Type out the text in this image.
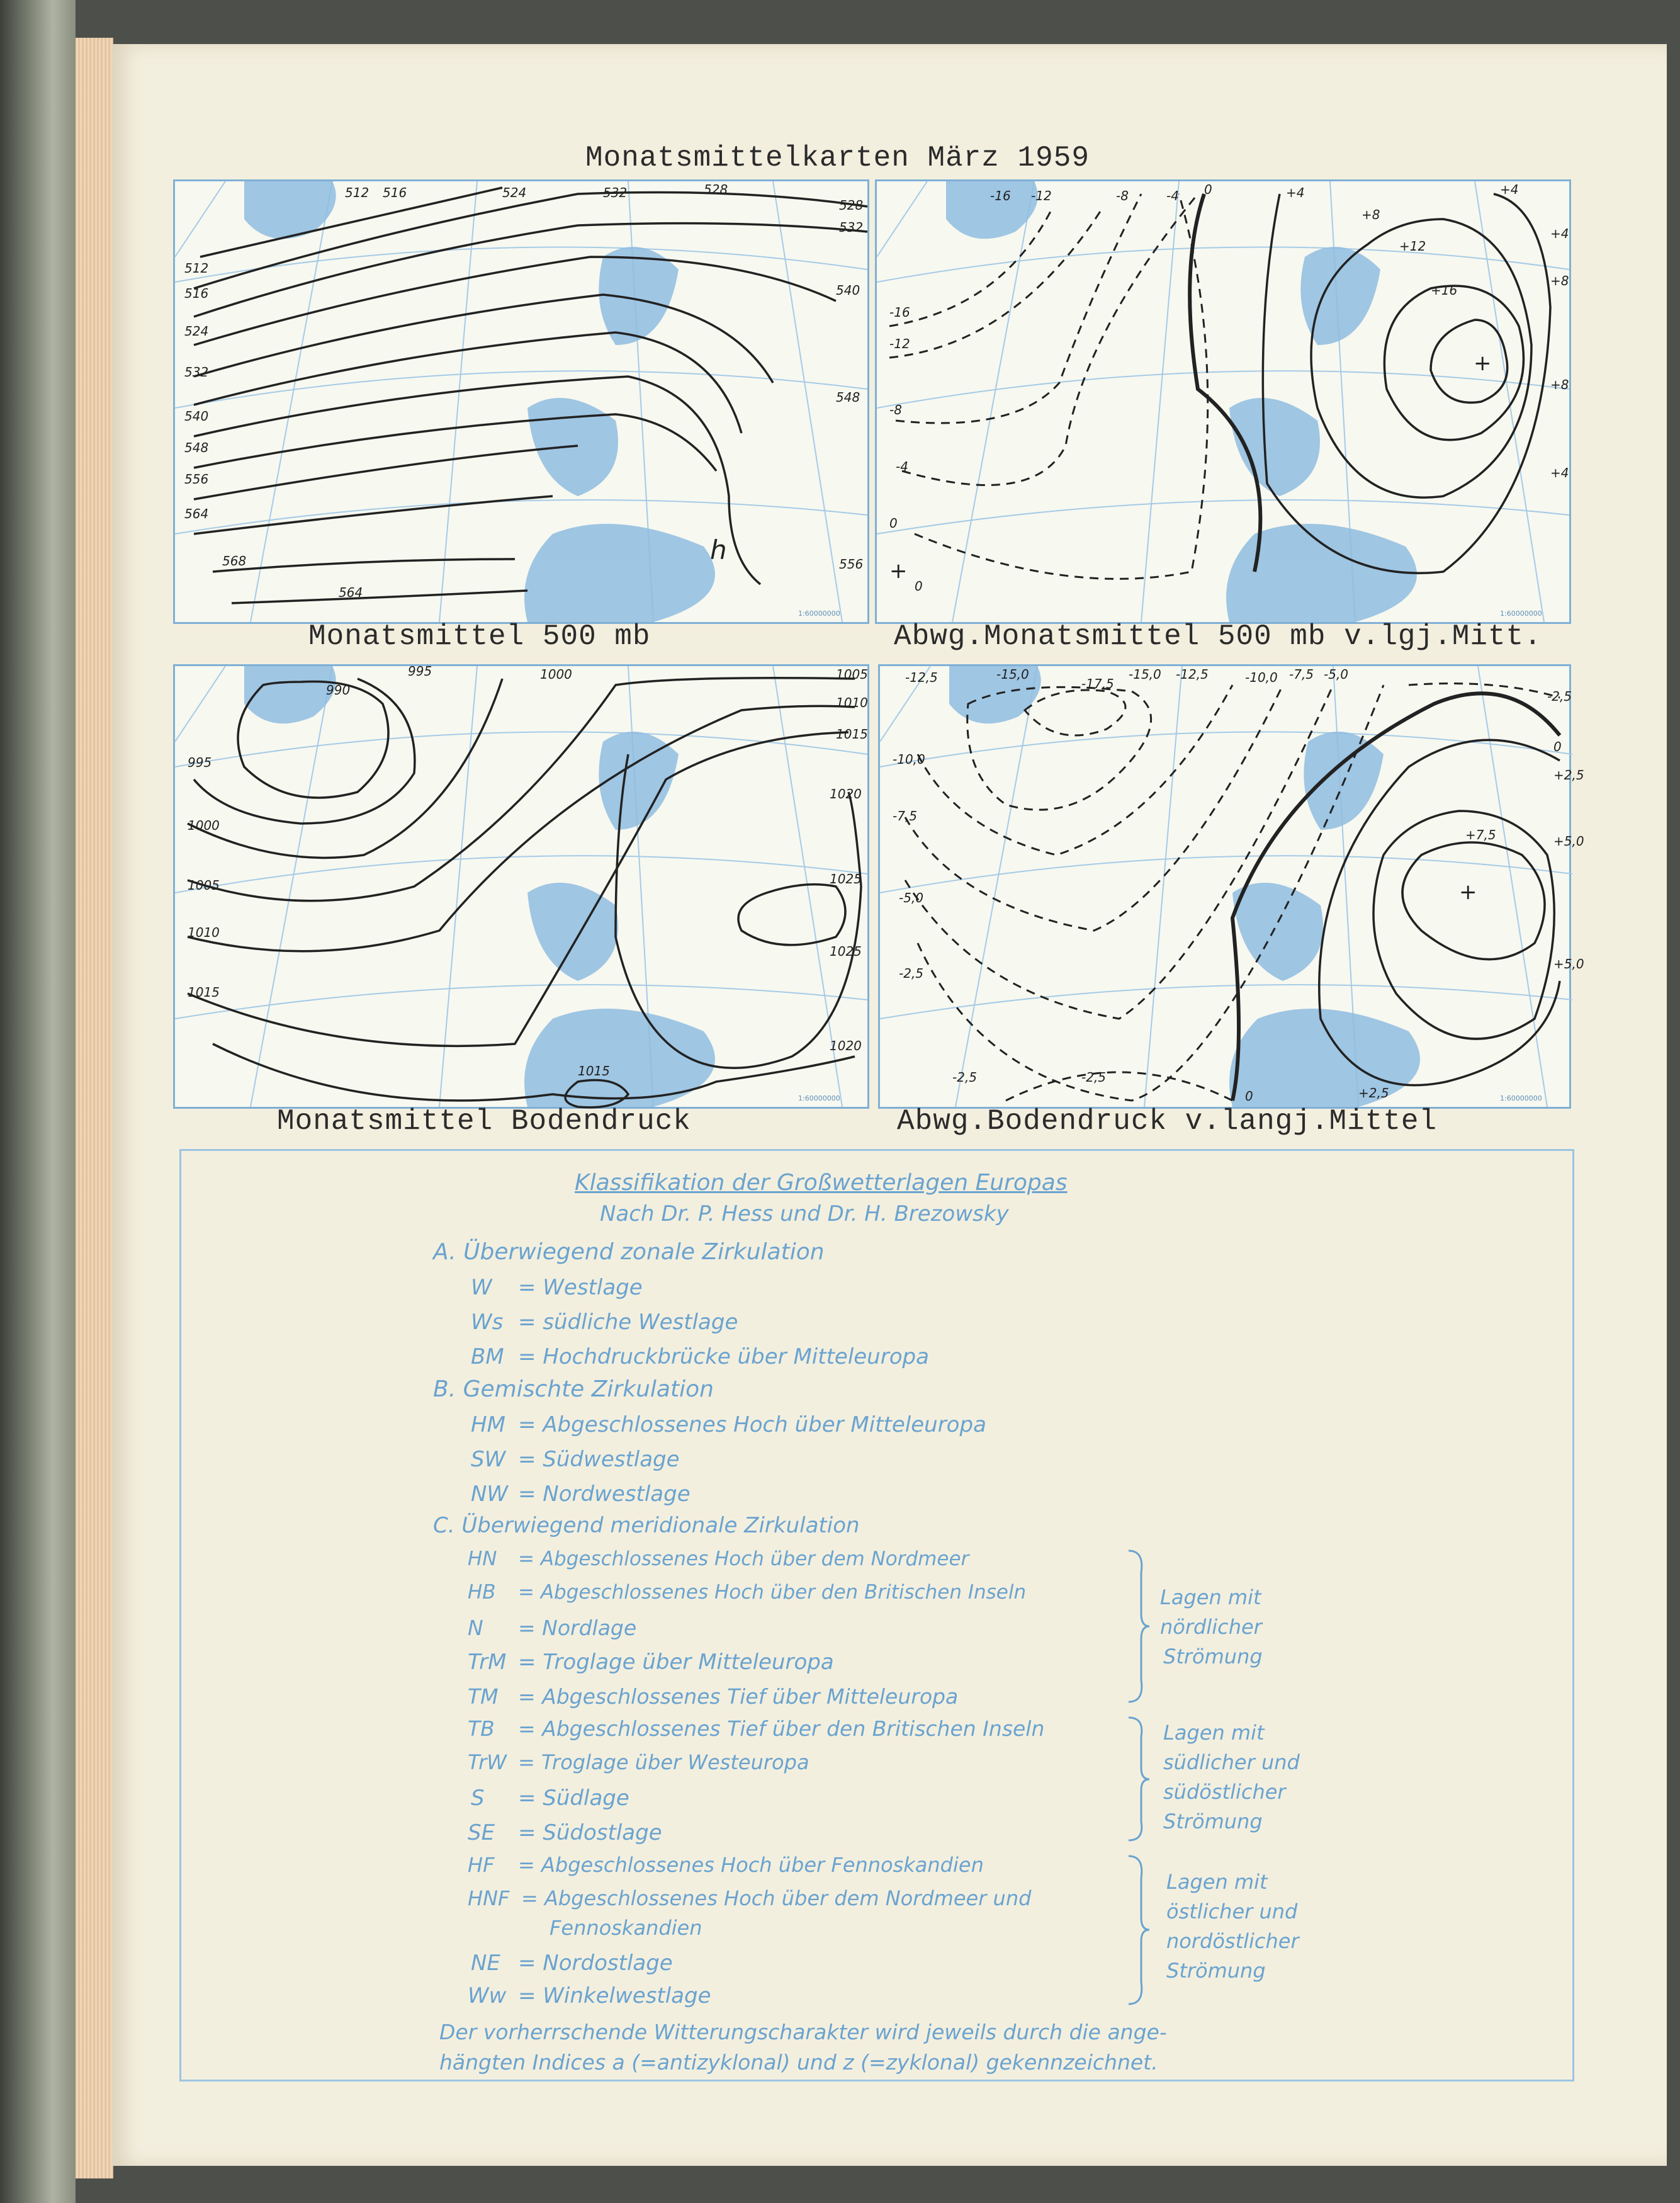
Monatsmittelkarten März 1959
512 516	524	532	528
528
532
540
548
556
512
516
524
532
540
548
556
564
568
564
h
1:60000000
Monatsmittel 500 mb
-16 -12	-8	-4 0	+4	+4
+8
+12
+16
+4
+8
+8
+4
-16
-12
-8
-4
0
0
+
+
1:60000000
Abwg.Monatsmittel 500 mb v.lgj.Mitt.
990
995	1000	1005
1010
1015
1020
1025
1025
1020
995
1000
1005
1010
1015
1015
1:60000000
Monatsmittel Bodendruck
-12,5	-15,0
-17,5
-15,0 -12,5	-10,0 -7,5 -5,0
-2,5
0
+2,5
+5,0
+7,5
+5,0
-10,0
-7,5
-5,0
-2,5
-2,5	-2,5
0	+2,5
+
1:60000000
Abwg.Bodendruck v.langj.Mittel
Klassifikation der Großwetterlagen Europas
Nach Dr. P. Hess und Dr. H. Brezowsky
A. Überwiegend zonale Zirkulation
W = Westlage
Ws = südliche Westlage
BM = Hochdruckbrücke über Mitteleuropa
B. Gemischte Zirkulation
HM = Abgeschlossenes Hoch über Mitteleuropa
SW = Südwestlage
NW = Nordwestlage
C. Überwiegend meridionale Zirkulation
HN = Abgeschlossenes Hoch über dem Nordmeer
HB = Abgeschlossenes Hoch über den Britischen Inseln
N = Nordlage
TrM = Troglage über Mitteleuropa
TM = Abgeschlossenes Tief über Mitteleuropa
TB = Abgeschlossenes Tief über den Britischen Inseln
TrW = Troglage über Westeuropa
S = Südlage
SE = Südostlage
HF = Abgeschlossenes Hoch über Fennoskandien
HNF = Abgeschlossenes Hoch über dem Nordmeer und
Fennoskandien
NE = Nordostlage
Ww = Winkelwestlage
Lagen mit
nördlicher
Strömung
Lagen mit
südlicher und
südöstlicher
Strömung
Lagen mit
östlicher und
nordöstlicher
Strömung
Der vorherrschende Witterungscharakter wird jeweils durch die ange-
hängten Indices a (=antizyklonal) und z (=zyklonal) gekennzeichnet.
